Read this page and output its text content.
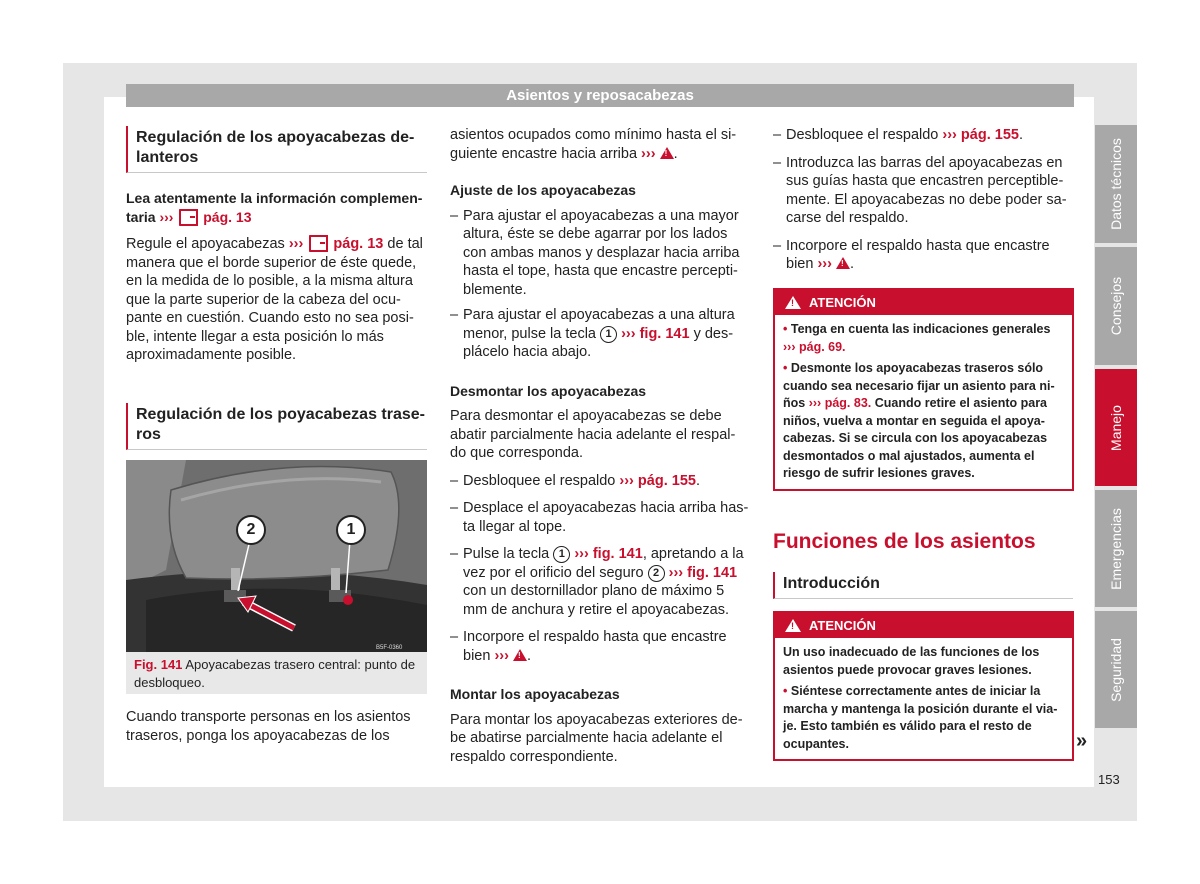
Asientos y reposacabezas
Regulación de los apoyacabezas de-lanteros

Lea atentamente la información complemen-taria ››› pág. 13

Regule el apoyacabezas ››› pág. 13 de tal manera que el borde superior de éste quede, en la medida de lo posible, a la misma altura que la parte superior de la cabeza del ocu-pante en cuestión. Cuando esto no sea posi-ble, intente llegar a esta posición lo más aproximadamente posible.

Regulación de los poyacabezas trase-ros
B5F-0360
2	1
Fig. 141 Apoyacabezas trasero central: punto de desbloqueo.

Cuando transporte personas en los asientos traseros, ponga los apoyacabezas de los

asientos ocupados como mínimo hasta el si-guiente encastre hacia arriba ››› ! .

Ajuste de los apoyacabezas

– Para ajustar el apoyacabezas a una mayor altura, éste se debe agarrar por los lados con ambas manos y desplazar hacia arriba hasta el tope, hasta que encastre percepti-blemente.
– Para ajustar el apoyacabezas a una altura menor, pulse la tecla 1 ››› fig. 141 y des-plácelo hacia abajo.

Desmontar los apoyacabezas

Para desmontar el apoyacabezas se debe abatir parcialmente hacia adelante el respal-do que corresponda.

– Desbloquee el respaldo ››› pág. 155.
– Desplace el apoyacabezas hacia arriba has-ta llegar al tope.
– Pulse la tecla 1 ››› fig. 141, apretando a la vez por el orificio del seguro 2 ››› fig. 141 con un destornillador plano de máximo 5 mm de anchura y retire el apoyacabezas.
– Incorpore el respaldo hasta que encastre bien ››› ! .

Montar los apoyacabezas

Para montar los apoyacabezas exteriores de-be abatirse parcialmente hacia adelante el respaldo correspondiente.

– Desbloquee el respaldo ››› pág. 155.
– Introduzca las barras del apoyacabezas en sus guías hasta que encastren perceptible-mente. El apoyacabezas no debe poder sa-carse del respaldo.
– Incorpore el respaldo hasta que encastre bien ››› ! .
!ATENCIÓN

• Tenga en cuenta las indicaciones generales ››› pág. 69.

• Desmonte los apoyacabezas traseros sólo cuando sea necesario fijar un asiento para ni-ños ››› pág. 83. Cuando retire el asiento para niños, vuelva a montar en seguida el apoya-cabezas. Si se circula con los apoyacabezas desmontados o mal ajustados, aumenta el riesgo de sufrir lesiones graves.

Funciones de los asientos
Introducción
!ATENCIÓN

Un uso inadecuado de las funciones de los asientos puede provocar graves lesiones.

• Siéntese correctamente antes de iniciar la marcha y mantenga la posición durante el via-je. Esto también es válido para el resto de ocupantes.	»
Datos técnicos
Consejos
Manejo
Emergencias
Seguridad
153
